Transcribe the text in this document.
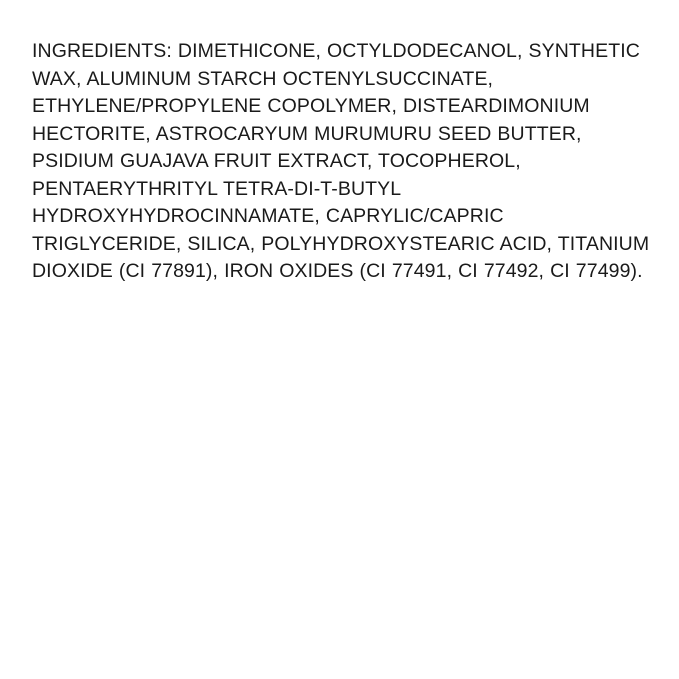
INGREDIENTS: DIMETHICONE, OCTYLDODECANOL, SYNTHETIC WAX, ALUMINUM STARCH OCTENYLSUCCINATE, ETHYLENE/PROPYLENE COPOLYMER, DISTEARDIMONIUM HECTORITE, ASTROCARYUM MURUMURU SEED BUTTER, PSIDIUM GUAJAVA FRUIT EXTRACT, TOCOPHEROL, PENTAERYTHRITYL TETRA-DI-T-BUTYL HYDROXYHYDROCINNAMATE, CAPRYLIC/CAPRIC TRIGLYCERIDE, SILICA, POLYHYDROXYSTEARIC ACID, TITANIUM DIOXIDE (CI 77891), IRON OXIDES (CI 77491, CI 77492, CI 77499).
